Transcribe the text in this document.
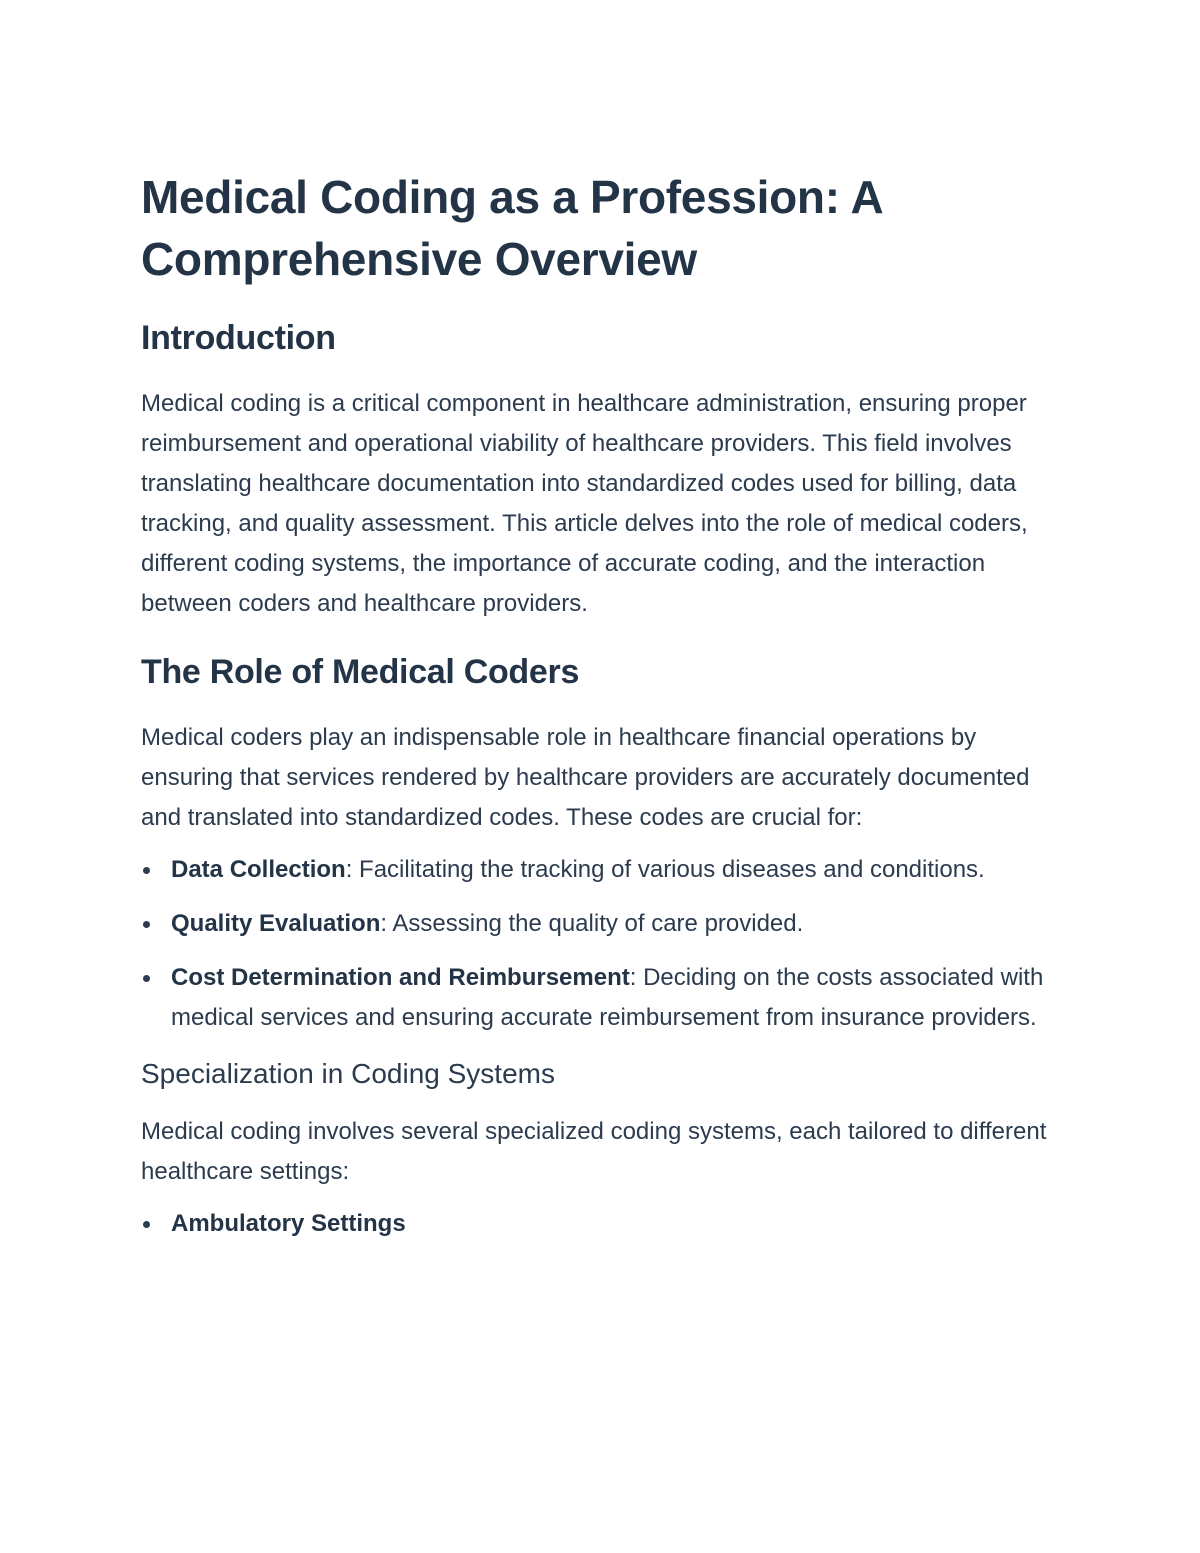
Medical Coding as a Profession: A Comprehensive Overview
Introduction

Medical coding is a critical component in healthcare administration, ensuring proper reimbursement and operational viability of healthcare providers. This field involves translating healthcare documentation into standardized codes used for billing, data tracking, and quality assessment. This article delves into the role of medical coders, different coding systems, the importance of accurate coding, and the interaction between coders and healthcare providers.

The Role of Medical Coders

Medical coders play an indispensable role in healthcare financial operations by ensuring that services rendered by healthcare providers are accurately documented and translated into standardized codes. These codes are crucial for:

Data Collection: Facilitating the tracking of various diseases and conditions.
Quality Evaluation: Assessing the quality of care provided.
Cost Determination and Reimbursement: Deciding on the costs associated with medical services and ensuring accurate reimbursement from insurance providers.
Specialization in Coding Systems

Medical coding involves several specialized coding systems, each tailored to different healthcare settings:

Ambulatory Settings
